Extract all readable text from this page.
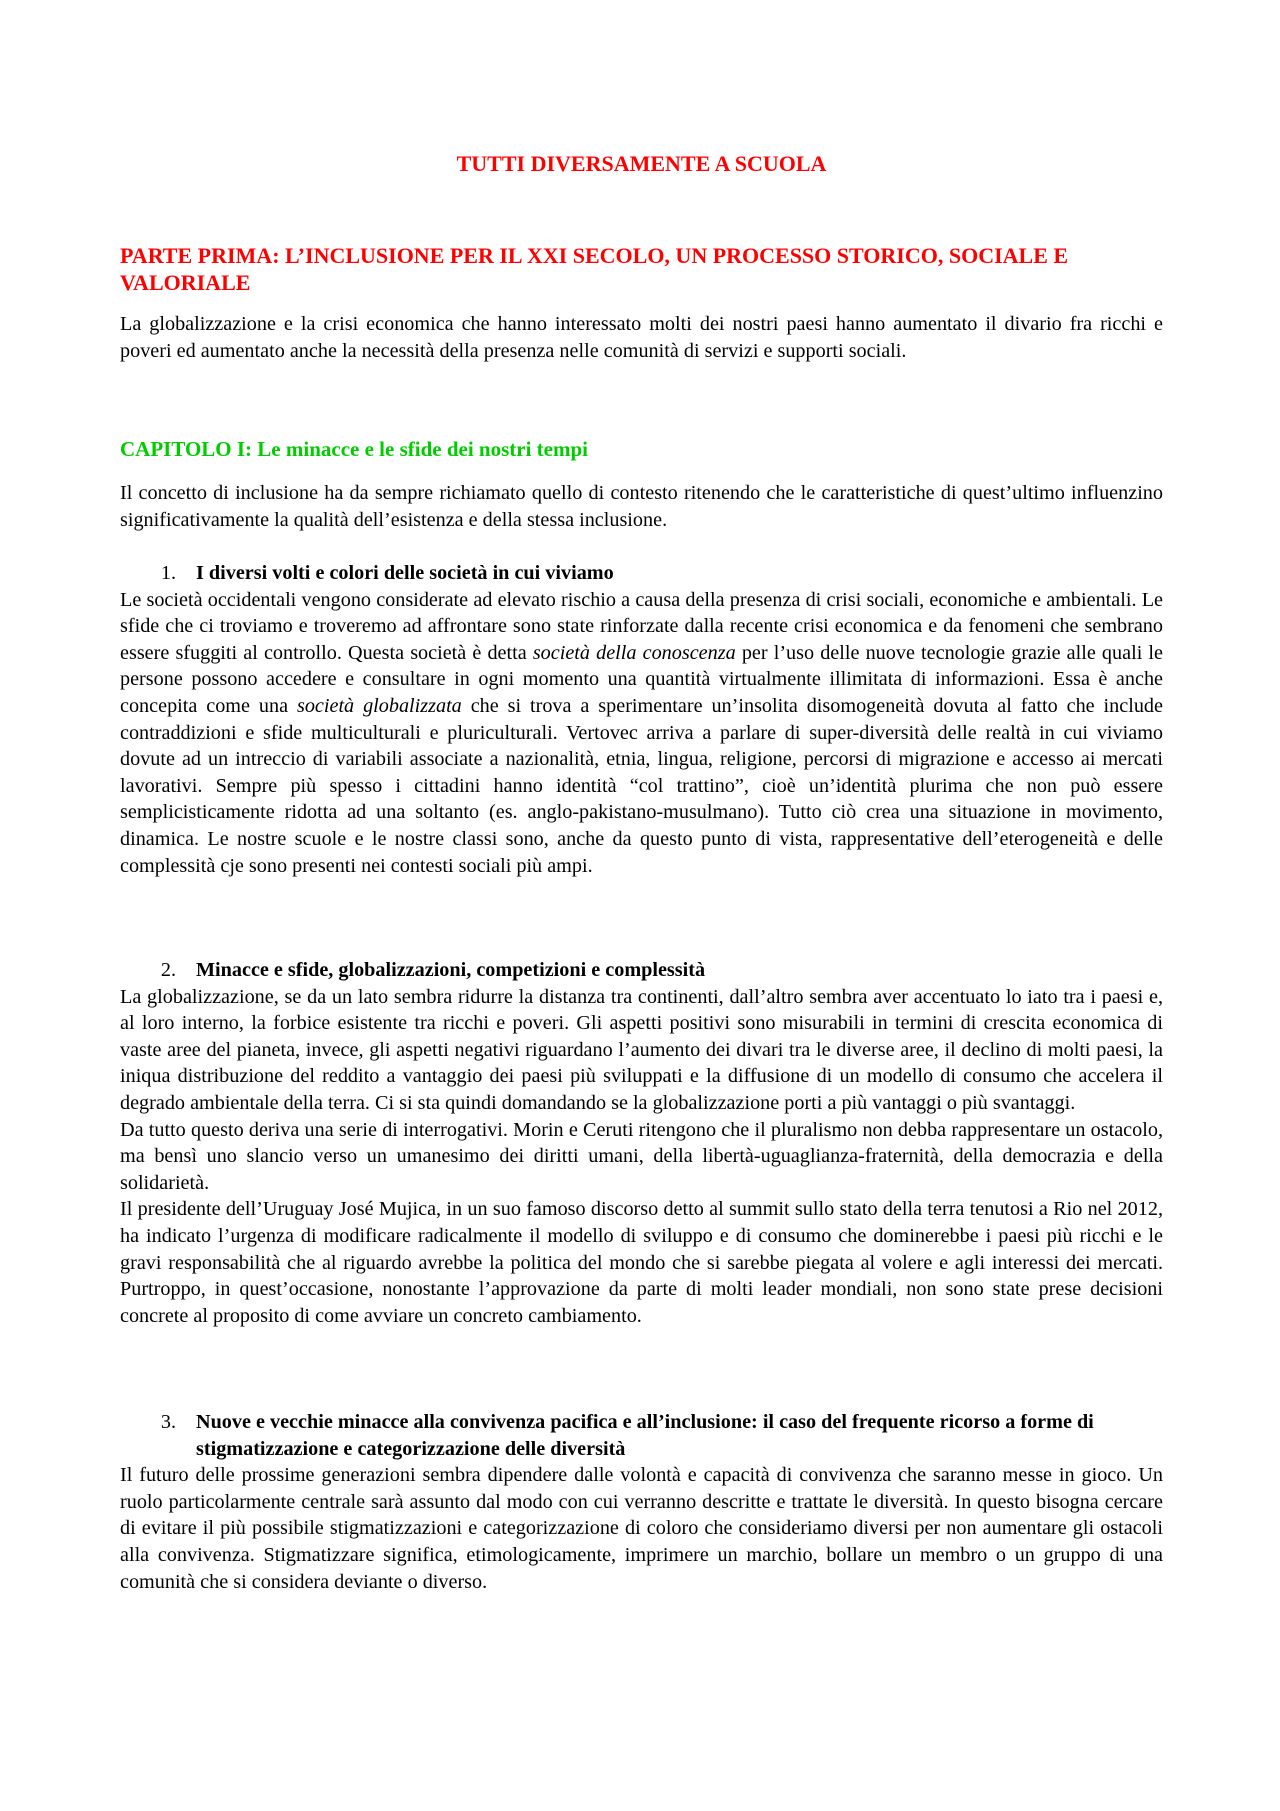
TUTTI DIVERSAMENTE A SCUOLA
PARTE PRIMA: L’INCLUSIONE PER IL XXI SECOLO, UN PROCESSO STORICO, SOCIALE E VALORIALE

La globalizzazione e la crisi economica che hanno interessato molti dei nostri paesi hanno aumentato il divario fra ricchi e poveri ed aumentato anche la necessità della presenza nelle comunità di servizi e supporti sociali.

CAPITOLO I: Le minacce e le sfide dei nostri tempi

Il concetto di inclusione ha da sempre richiamato quello di contesto ritenendo che le caratteristiche di quest’ultimo influenzino significativamente la qualità dell’esistenza e della stessa inclusione.

1. I diversi volti e colori delle società in cui viviamo

Le società occidentali vengono considerate ad elevato rischio a causa della presenza di crisi sociali, economiche e ambientali. Le sfide che ci troviamo e troveremo ad affrontare sono state rinforzate dalla recente crisi economica e da fenomeni che sembrano essere sfuggiti al controllo. Questa società è detta società della conoscenza per l’uso delle nuove tecnologie grazie alle quali le persone possono accedere e consultare in ogni momento una quantità virtualmente illimitata di informazioni. Essa è anche concepita come una società globalizzata che si trova a sperimentare un’insolita disomogeneità dovuta al fatto che include contraddizioni e sfide multiculturali e pluriculturali. Vertovec arriva a parlare di super-diversità delle realtà in cui viviamo dovute ad un intreccio di variabili associate a nazionalità, etnia, lingua, religione, percorsi di migrazione e accesso ai mercati lavorativi. Sempre più spesso i cittadini hanno identità “col trattino”, cioè un’identità plurima che non può essere semplicisticamente ridotta ad una soltanto (es. anglo-pakistano-musulmano). Tutto ciò crea una situazione in movimento, dinamica. Le nostre scuole e le nostre classi sono, anche da questo punto di vista, rappresentative dell’eterogeneità e delle complessità cje sono presenti nei contesti sociali più ampi.

2. Minacce e sfide, globalizzazioni, competizioni e complessità

La globalizzazione, se da un lato sembra ridurre la distanza tra continenti, dall’altro sembra aver accentuato lo iato tra i paesi e, al loro interno, la forbice esistente tra ricchi e poveri. Gli aspetti positivi sono misurabili in termini di crescita economica di vaste aree del pianeta, invece, gli aspetti negativi riguardano l’aumento dei divari tra le diverse aree, il declino di molti paesi, la iniqua distribuzione del reddito a vantaggio dei paesi più sviluppati e la diffusione di un modello di consumo che accelera il degrado ambientale della terra. Ci si sta quindi domandando se la globalizzazione porti a più vantaggi o più svantaggi.

Da tutto questo deriva una serie di interrogativi. Morin e Ceruti ritengono che il pluralismo non debba rappresentare un ostacolo, ma bensì uno slancio verso un umanesimo dei diritti umani, della libertà-uguaglianza-fraternità, della democrazia e della solidarietà.

Il presidente dell’Uruguay José Mujica, in un suo famoso discorso detto al summit sullo stato della terra tenutosi a Rio nel 2012, ha indicato l’urgenza di modificare radicalmente il modello di sviluppo e di consumo che dominerebbe i paesi più ricchi e le gravi responsabilità che al riguardo avrebbe la politica del mondo che si sarebbe piegata al volere e agli interessi dei mercati. Purtroppo, in quest’occasione, nonostante l’approvazione da parte di molti leader mondiali, non sono state prese decisioni concrete al proposito di come avviare un concreto cambiamento.

3. Nuove e vecchie minacce alla convivenza pacifica e all’inclusione: il caso del frequente ricorso a forme di stigmatizzazione e categorizzazione delle diversità

Il futuro delle prossime generazioni sembra dipendere dalle volontà e capacità di convivenza che saranno messe in gioco. Un ruolo particolarmente centrale sarà assunto dal modo con cui verranno descritte e trattate le diversità. In questo bisogna cercare di evitare il più possibile stigmatizzazioni e categorizzazione di coloro che consideriamo diversi per non aumentare gli ostacoli alla convivenza. Stigmatizzare significa, etimologicamente, imprimere un marchio, bollare un membro o un gruppo di una comunità che si considera deviante o diverso.
